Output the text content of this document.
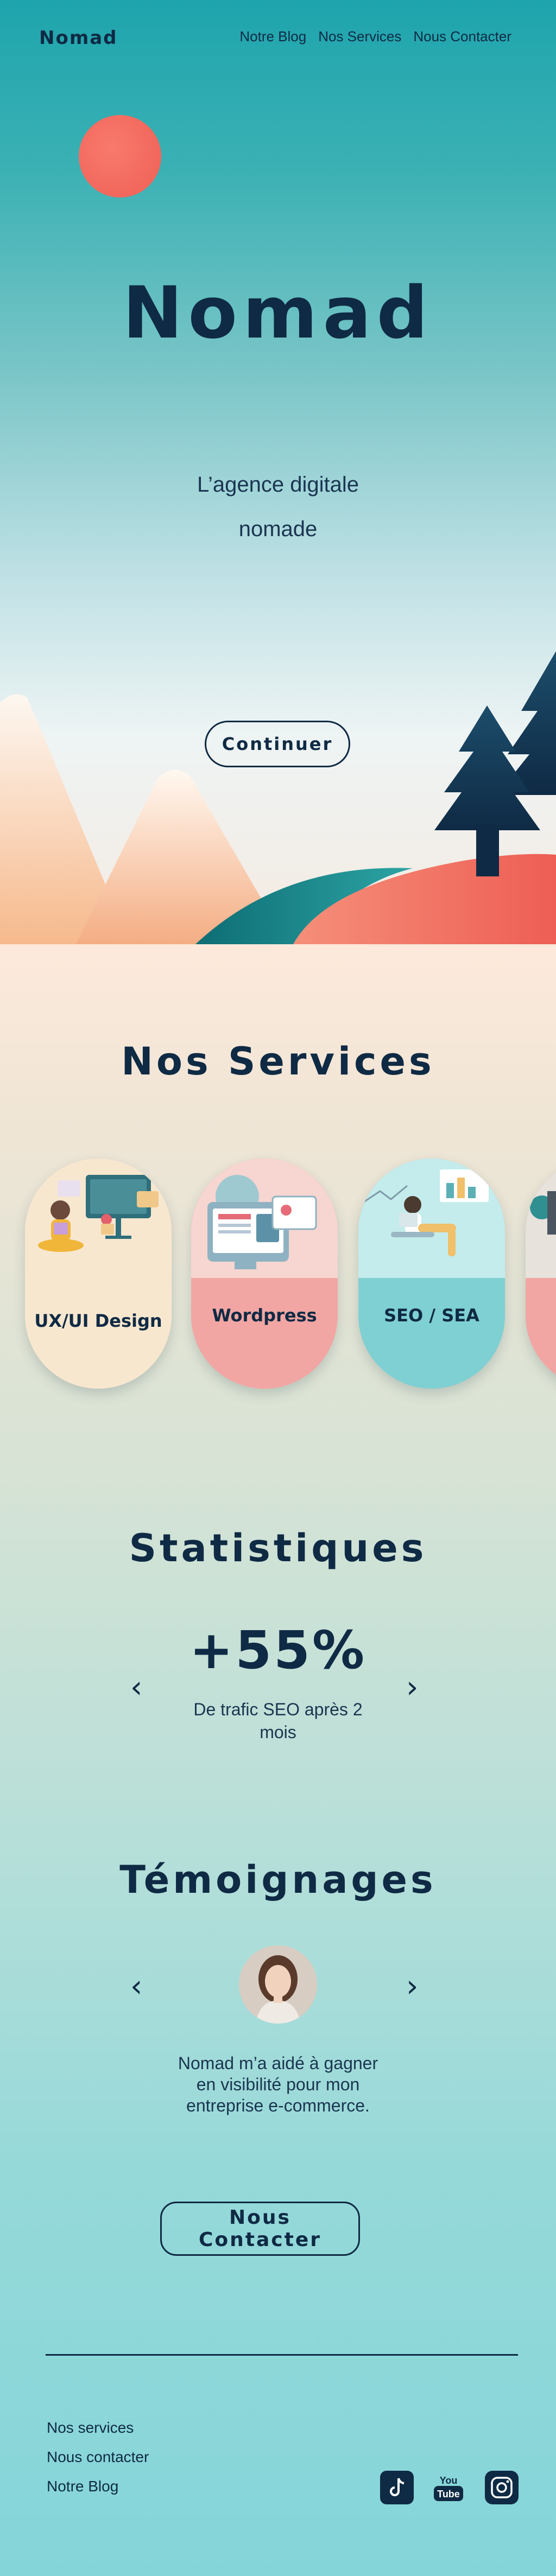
Nomad	Notre Blog Nos Services Nous Contacter
Nomad
L’agence digitale nomade
Continuer
Nos Services
UX/UI Design	Wordpress	SEO / SEA
Statistiques
‹	›
+55%
De trafic SEO après 2 mois
Témoignages
‹	›
Nomad m’a aidé à gagner en visibilité pour mon entreprise e-commerce.
Nous Contacter
Nos services
Nous contacter
Notre Blog	You
Tube
